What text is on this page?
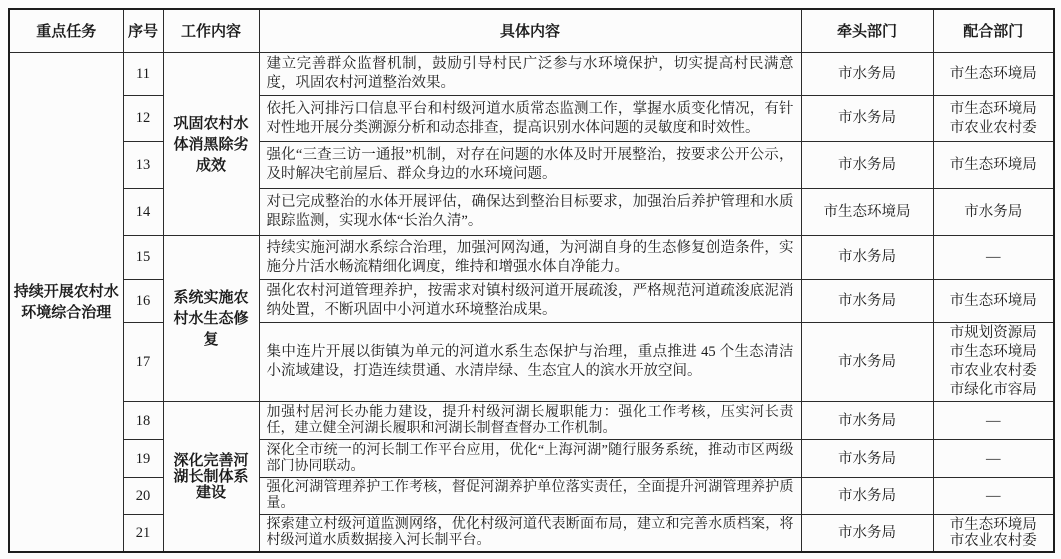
重点任务	序号	工作内容	具体内容	牵头部门	配合部门
持续开展农村水环境综合治理	11	巩固农村水体消黑除劣成效	建立完善群众监督机制，鼓励引导村民广泛参与水环境保护，切实提高村民满意度，巩固农村河道整治效果。	市水务局	市生态环境局

	12		依托入河排污口信息平台和村级河道水质常态监测工作，掌握水质变化情况，有针对性地开展分类溯源分析和动态排查，提高识别水体问题的灵敏度和时效性。	市水务局	市生态环境局
市农业农村委

	13		强化“三查三访一通报”机制，对存在问题的水体及时开展整治，按要求公开公示，及时解决宅前屋后、群众身边的水环境问题。	市水务局	市生态环境局

	14		对已完成整治的水体开展评估，确保达到整治目标要求，加强治后养护管理和水质跟踪监测，实现水体“长治久清”。	市生态环境局	市水务局

	15	系统实施农村水生态修复	持续实施河湖水系综合治理，加强河网沟通，为河湖自身的生态修复创造条件，实施分片活水畅流精细化调度，维持和增强水体自净能力。	市水务局	—

	16		强化农村河道管理养护，按需求对镇村级河道开展疏浚，严格规范河道疏浚底泥消纳处置，不断巩固中小河道水环境整治成果。	市水务局	市生态环境局

	17		集中连片开展以街镇为单元的河道水系生态保护与治理，重点推进 45 个生态清洁小流域建设，打造连续贯通、水清岸绿、生态宜人的滨水开放空间。	市水务局	市规划资源局
市生态环境局
市农业农村委
市绿化市容局

	18	深化完善河湖长制体系建设	加强村居河长办能力建设，提升村级河湖长履职能力：强化工作考核，压实河长责任，建立健全河湖长履职和河湖长制督查督办工作机制。	市水务局	—

	19		深化全市统一的河长制工作平台应用，优化“上海河湖”随行服务系统，推动市区两级部门协同联动。	市水务局	—

	20		强化河湖管理养护工作考核，督促河湖养护单位落实责任，全面提升河湖管理养护质量。	市水务局	—

	21		探索建立村级河道监测网络，优化村级河道代表断面布局，建立和完善水质档案，将村级河道水质数据接入河长制平台。	市水务局	市生态环境局
市农业农村委
